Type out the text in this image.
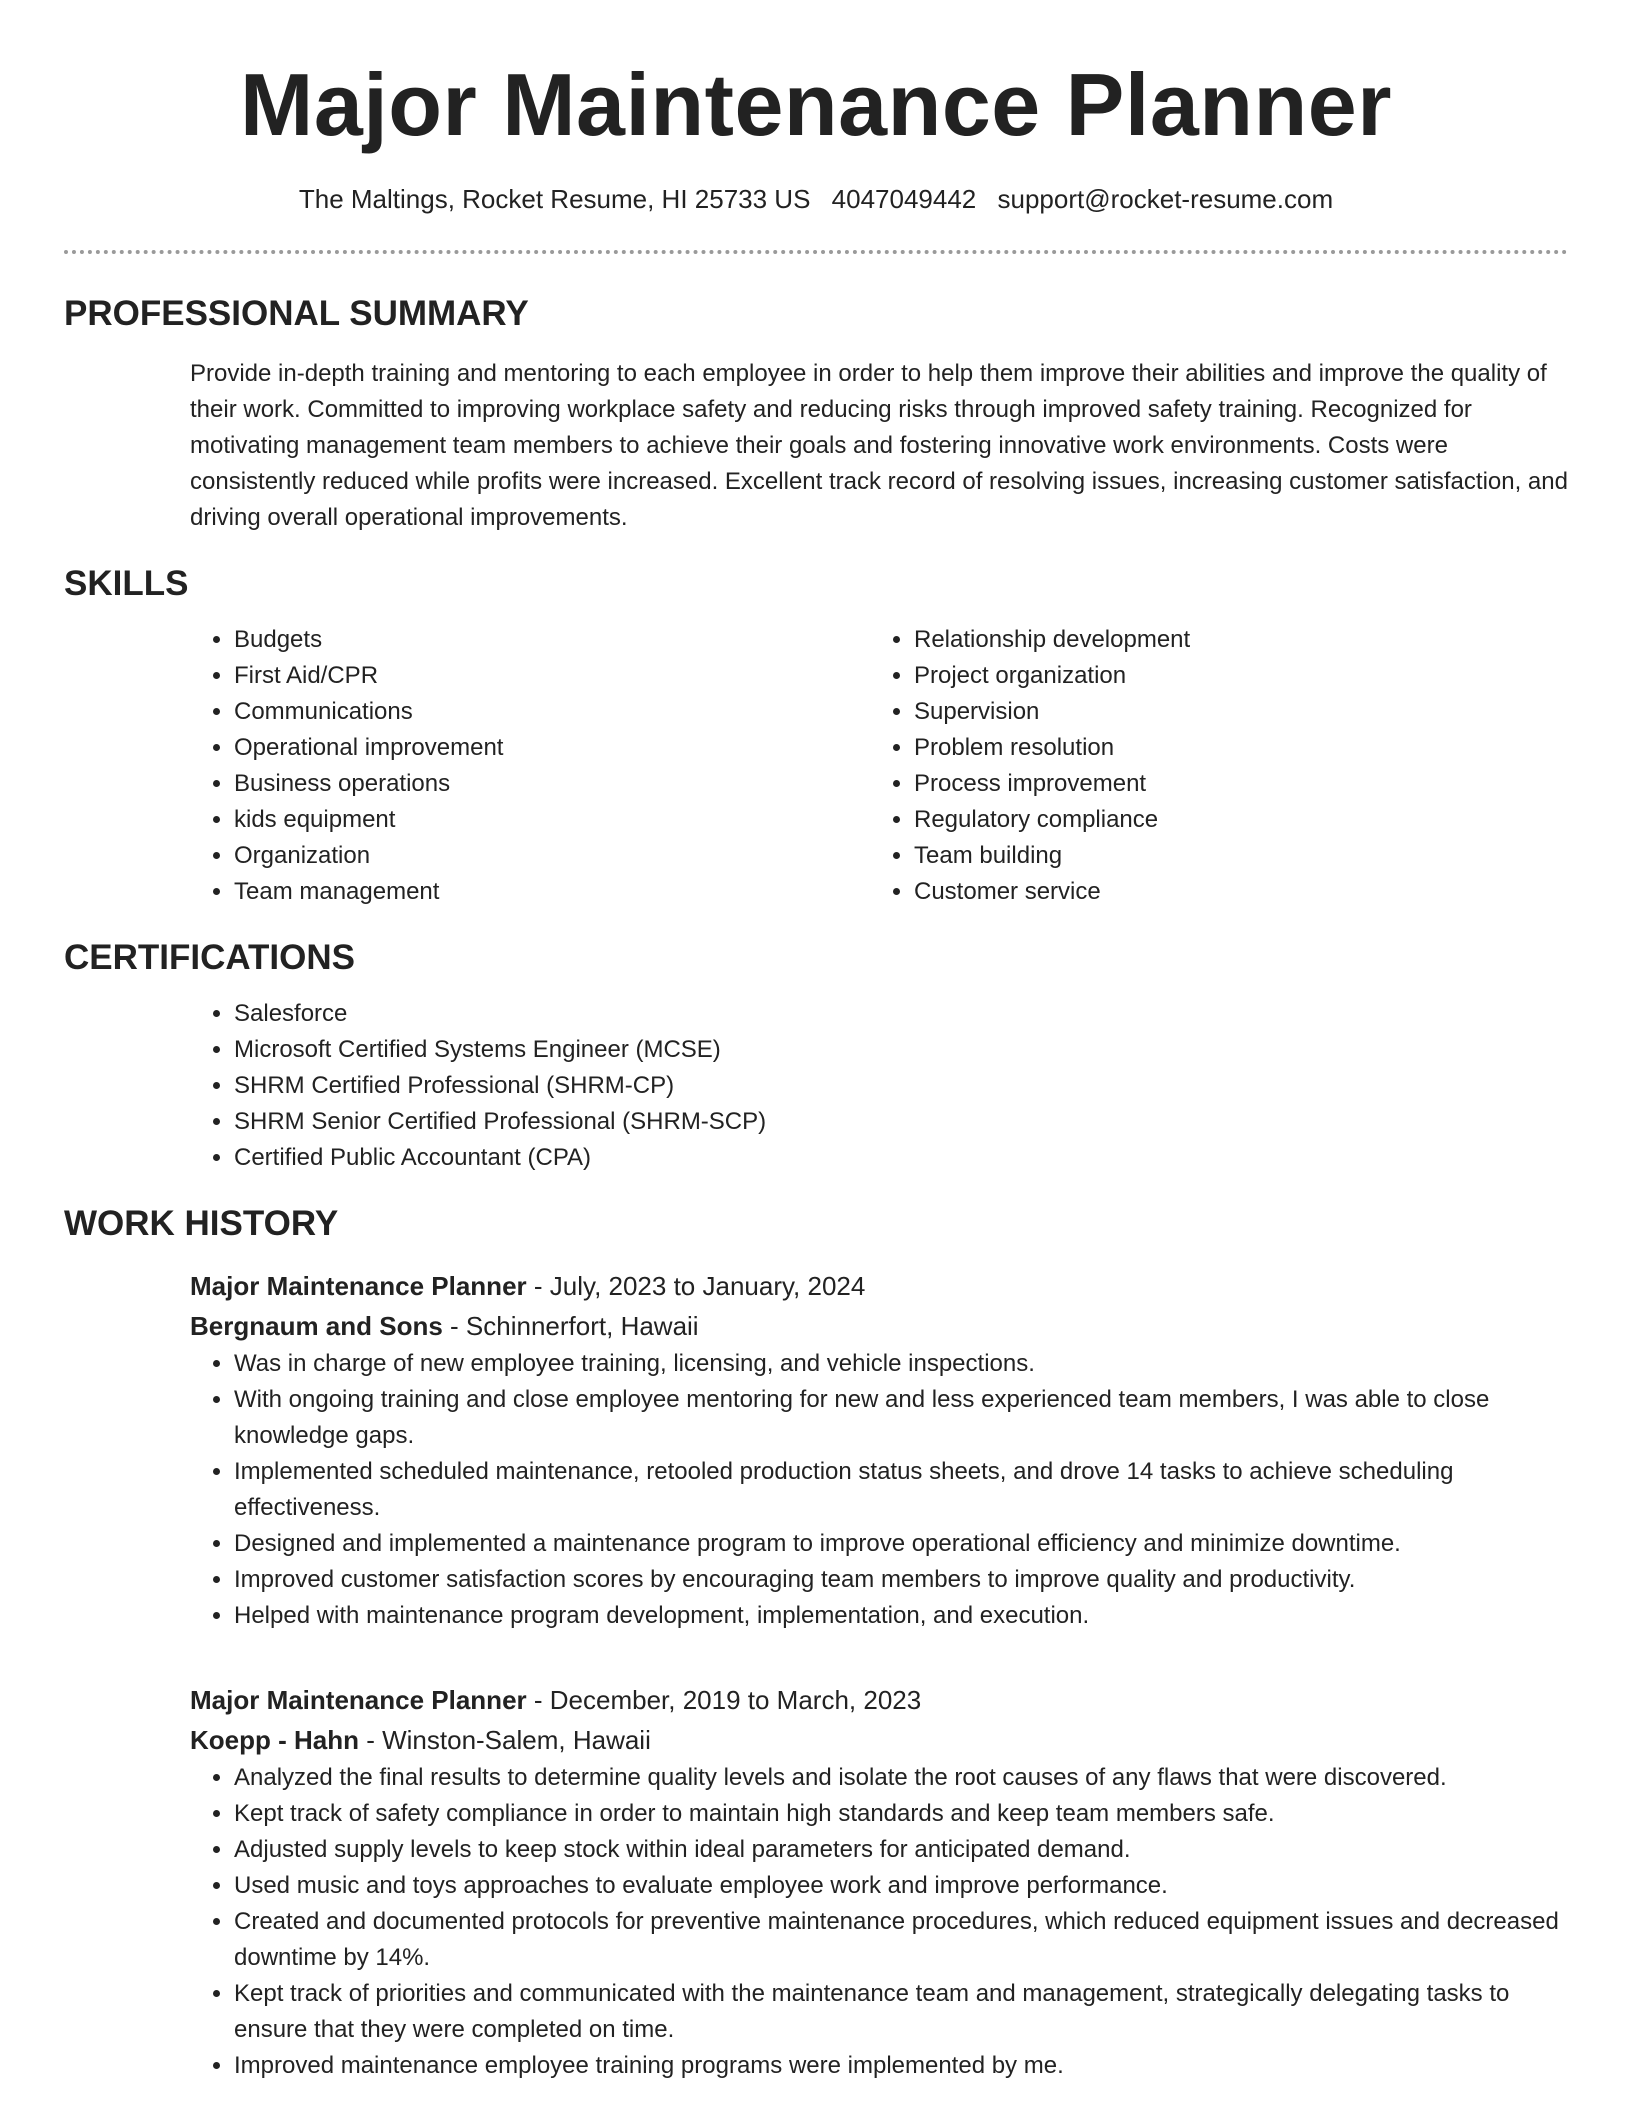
Major Maintenance Planner
The Maltings, Rocket Resume, HI 25733 US 4047049442 support@rocket-resume.com
PROFESSIONAL SUMMARY

Provide in-depth training and mentoring to each employee in order to help them improve their abilities and improve the quality of their work. Committed to improving workplace safety and reducing risks through improved safety training. Recognized for motivating management team members to achieve their goals and fostering innovative work environments. Costs were consistently reduced while profits were increased. Excellent track record of resolving issues, increasing customer satisfaction, and driving overall operational improvements.

SKILLS
• Budgets
• First Aid/CPR
• Communications
• Operational improvement
• Business operations
• kids equipment
• Organization
• Team management
• Relationship development
• Project organization
• Supervision
• Problem resolution
• Process improvement
• Regulatory compliance
• Team building
• Customer service
CERTIFICATIONS
• Salesforce
• Microsoft Certified Systems Engineer (MCSE)
• SHRM Certified Professional (SHRM-CP)
• SHRM Senior Certified Professional (SHRM-SCP)
• Certified Public Accountant (CPA)
WORK HISTORY
Major Maintenance Planner - July, 2023 to January, 2024
Bergnaum and Sons - Schinnerfort, Hawaii
• Was in charge of new employee training, licensing, and vehicle inspections.
• With ongoing training and close employee mentoring for new and less experienced team members, I was able to close knowledge gaps.
• Implemented scheduled maintenance, retooled production status sheets, and drove 14 tasks to achieve scheduling effectiveness.
• Designed and implemented a maintenance program to improve operational efficiency and minimize downtime.
• Improved customer satisfaction scores by encouraging team members to improve quality and productivity.
• Helped with maintenance program development, implementation, and execution.
Major Maintenance Planner - December, 2019 to March, 2023
Koepp - Hahn - Winston-Salem, Hawaii
• Analyzed the final results to determine quality levels and isolate the root causes of any flaws that were discovered.
• Kept track of safety compliance in order to maintain high standards and keep team members safe.
• Adjusted supply levels to keep stock within ideal parameters for anticipated demand.
• Used music and toys approaches to evaluate employee work and improve performance.
• Created and documented protocols for preventive maintenance procedures, which reduced equipment issues and decreased downtime by 14%.
• Kept track of priorities and communicated with the maintenance team and management, strategically delegating tasks to ensure that they were completed on time.
• Improved maintenance employee training programs were implemented by me.
